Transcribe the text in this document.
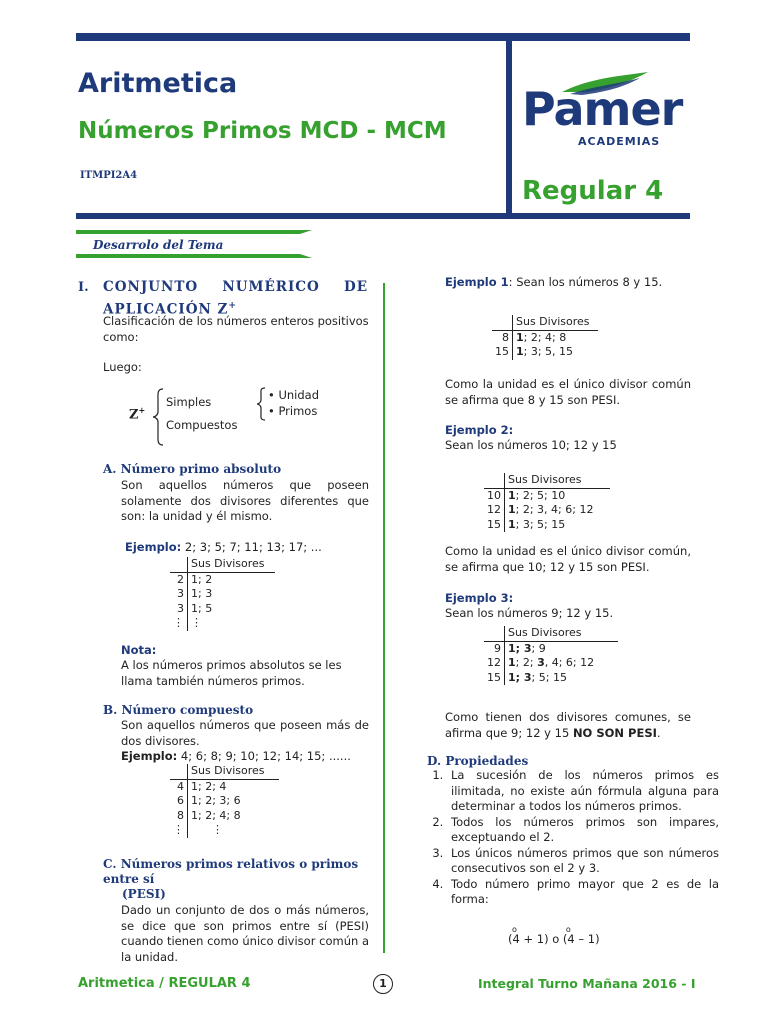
Aritmetica
Números Primos MCD - MCM
ITMPI2A4
Pamer
ACADEMIAS
Regular 4
Desarrolo del Tema
I. CONJUNTO NUMÉRICO DE
APLICACIÓN Z+
Clasificación de los números enteros positivos como:
Luego:
Z+
Simples
Compuestos
• Unidad
• Primos
A. Número primo absoluto
Son aquellos números que poseen solamente dos divisores diferentes que son: la unidad y él mismo.
Ejemplo: 2; 3; 5; 7; 11; 13; 17; ...
	Sus Divisores
2	1; 2
3	1; 3
3	1; 5
⋮	⋮
Nota:
A los números primos absolutos se les llama también números primos.
B. Número compuesto
Son aquellos números que poseen más de dos divisores.
Ejemplo: 4; 6; 8; 9; 10; 12; 14; 15; ......
	Sus Divisores
4	1; 2; 4
6	1; 2; 3; 6
8	1; 2; 4; 8
⋮	⋮
C. Números primos relativos o primos entre sí
(PESI)
Dado un conjunto de dos o más números, se dice que son primos entre sí (PESI) cuando tienen como único divisor común a la unidad.
Ejemplo 1: Sean los números 8 y 15.
	Sus Divisores
8	1; 2; 4; 8
15	1; 3; 5, 15
Como la unidad es el único divisor común se afirma que 8 y 15 son PESI.
Ejemplo 2:
Sean los números 10; 12 y 15
	Sus Divisores
10	1; 2; 5; 10
12	1; 2; 3, 4; 6; 12
15	1; 3; 5; 15
Como la unidad es el único divisor común, se afirma que 10; 12 y 15 son PESI.
Ejemplo 3:
Sean los números 9; 12 y 15.
	Sus Divisores
9	1; 3; 9
12	1; 2; 3, 4; 6; 12
15	1; 3; 5; 15
Como tienen dos divisores comunes, se afirma que 9; 12 y 15 NO SON PESI.
D. Propiedades
1. La sucesión de los números primos es ilimitada, no existe aún fórmula alguna para determinar a todos los números primos.
2. Todos los números primos son impares, exceptuando el 2.
3. Los únicos números primos que son números consecutivos son el 2 y 3.
4. Todo número primo mayor que 2 es de la forma:
o	o
(4 + 1) o (4 – 1)
Aritmetica / REGULAR 4	1	Integral Turno Mañana 2016 - I
